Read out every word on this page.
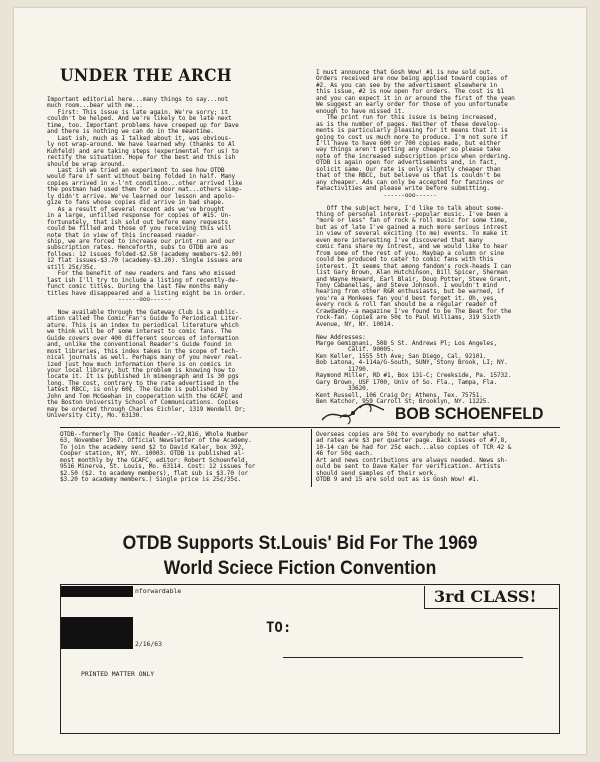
UNDER THE ARCH
Important editorial here...many things to say...not
much room...bear with me...
First: This issue is late again. We're sorry; it
couldn't be helped. And we're likely to be late next
time, too. Important problems have creeped up for Dave
and there is nothing we can do in the meantime.
Last ish, much as I talked about it, was obvious-
ly not wrap-around. We have learned why (thanks to Al
Kuhfeld) and are taking steps (experimental for us) to
rectify the situation. Hope for the best and this ish
should be wrap around.
Last ish we tried an experiment to see how OTDB
would fare if sent without being folded in half. Many
copies arrived in x-l'nt condition...other arrived like
the postman had used them for a door mat...others simp-
ly didn't arrive. We've learned our lesson and apolo-
gize to fans whose copies did arrive in bad shape.
As a result of several recent ads we've brought
in a large, unfilled response for copies of #15. Un-
fortunately, that ish sold out before many requests
could be filled and those of you receiving this will
note that in view of this increased reader-
ship, we are forced to increase our print run and our
subscription rates. Henceforth, subs to OTDB are as
follows: 12 issues folded-$2.50 (academy members-$2.00)
12 flat issues-$3.70 (academy-$3.20). Single issues are
still 25¢/35¢.
For the benefit of new readers and fans who missed
last ish I'll try to include a listing of recently-de-
funct comic titles. During the last few months many
titles have disappeared and a listing might be in order.
------ooo------

Now available through the Gateway Club is a public-
ation called The Comic Fan's Guide To Periodical Liter-
ature. This is an index to periodical literature which
we think will be of some interest to comic fans. The
Guide covers over 400 different sources of information
and, unlike the conventional Reader's Guide found in
most libraries, this index takes in the scope of tech-
nical journals as well. Perhaps many of you never real-
ized just how much information there is on comics in
your local library, but the problem is knowing how to
locate it. It is published in mimeograph and is 30 pgs
long. The cost, contrary to the rate advertised in the
latest RBCC, is only 60¢. The Guide is published by
John and Tom McGeehan in cooperation with the GCAFC and
the Boston University School of Communications. Copies
may be ordered through Charles Eichler, 1319 Wendell Dr;
University City, Mo. 63130.
I must announce that Gosh Wow! #1 is now sold out.
Orders received are now being applied toward copies of
#2. As you can see by the advertisment elsewhere in
this issue, #2 is now open for orders. The cost is $1
and you can expect it in or around the first of the yean
We suggest an early order for those of you unfortunate
enough to have missed it.
The print run for this issue is being increased,
as is the number of pages. Neither of these develop-
ments is particularly pleasing for it means that it is
going to cost us much more to produce. I'm not sure if
I'll have to have 600 or 700 copies made, but either
way things aren't getting any cheaper so please take
note of the increased subscription price when ordering.
OTDB is again open for advertisements and, in fact,
solicit same. Our rate is only slightly cheaper than
that of the RBCC, but believe us that is couldn't be
any cheaper. Ads can only be accepted for fanzines or
fanactivities and please write before submitting.
------ooo------

Off the subject here, I'd like to talk about some-
thing of personal interest--popular music. I've been a
"more or less" fan of rock & roll music for some time,
but as of late I've gained a much more serious intrest
in view of several exciting (to me) events. To make it
even more interesting I've discovered that many
comic fans share my intrest, and we would like to hear
from some of the rest of you. Maybap a column or sine
could be produced to cater to comic fans with this
interest. It seems that among fandom's rock-heads I can
list Gary Brown, Alan Hutchinson, Bill Spicer, Sherman
and Wayne Howard, Earl Blair, Doug Potter, Steve Grant,
Tony Cabanellas, and Steve Johnson. I wouldn't mind
hearing from other R&R enthusiasts, but be warned, if
you're a Monkees fan you'd best forget it. Oh, yes,
every rock & roll fan should be a regular reader of
Crawdaddy--a magazine I've found to be The Beat for the
rock-fan. Copies are 50¢ to Paul Williams, 319 Sixth
Avenue, NY, NY. 10014.

New Addresses:
Marge Gemignani, 508 S St. Andrews Pl; Los Angeles,
Calif. 90005.
Ken Keller, 1555 5th Ave; San Diego, Cal. 92101.
Bob Latona, 4-114a/G-South, SUNY, Stony Brook, LI; NY.
11790.
Raymond Miller, RD #1, Box 131-C; Creekside, Pa. 15732.
Gary Brown, USF 1700, Univ of So. Fla., Tampa, Fla.
33620.
Kent Russell, 106 Craig Dr; Athens, Tex. 75751.
Ben Katchor, 959 Carroll St; Brooklyn, NY. 11225.
BOB SCHOENFELD
OTDB--formerly The Comic Reader--V2,N16, Whole Number
63, November 1967. Official Newsletter of the Academy.
To join the academy send $2 to David Kaler, box 392,
Cooper station, NY, NY. 10003. OTDB is published al-
most monthly by the GCAFC, editor: Robert Schoenfeld,
9516 Minerva, St. Louis, Mo. 63114. Cost: 12 issues for
$2.50 ($2. to academy members), flat sub is $3.70 (or
$3.20 to academy members.) Single price is 25¢/35¢.
Overseas copies are 50¢ to everybody no matter what.
ad rates are $3 per quarter page. Back issues of #7,8,
10-14 can be had for 25¢ each...also copies of TCR 42 &
46 for 50¢ each.
Art and news contributions are always needed. News sh-
ould be sent to Dave Kaler for verification. Artists
should send samples of their work.
OTDB 9 and 15 are sold out as is Gosh Wow! #1.
OTDB Supports St.Louis' Bid For The 1969
World Sciece Fiction Convention
nforwardable
2/16/63
PRINTED MATTER ONLY
TO:
3rd CLASS!
